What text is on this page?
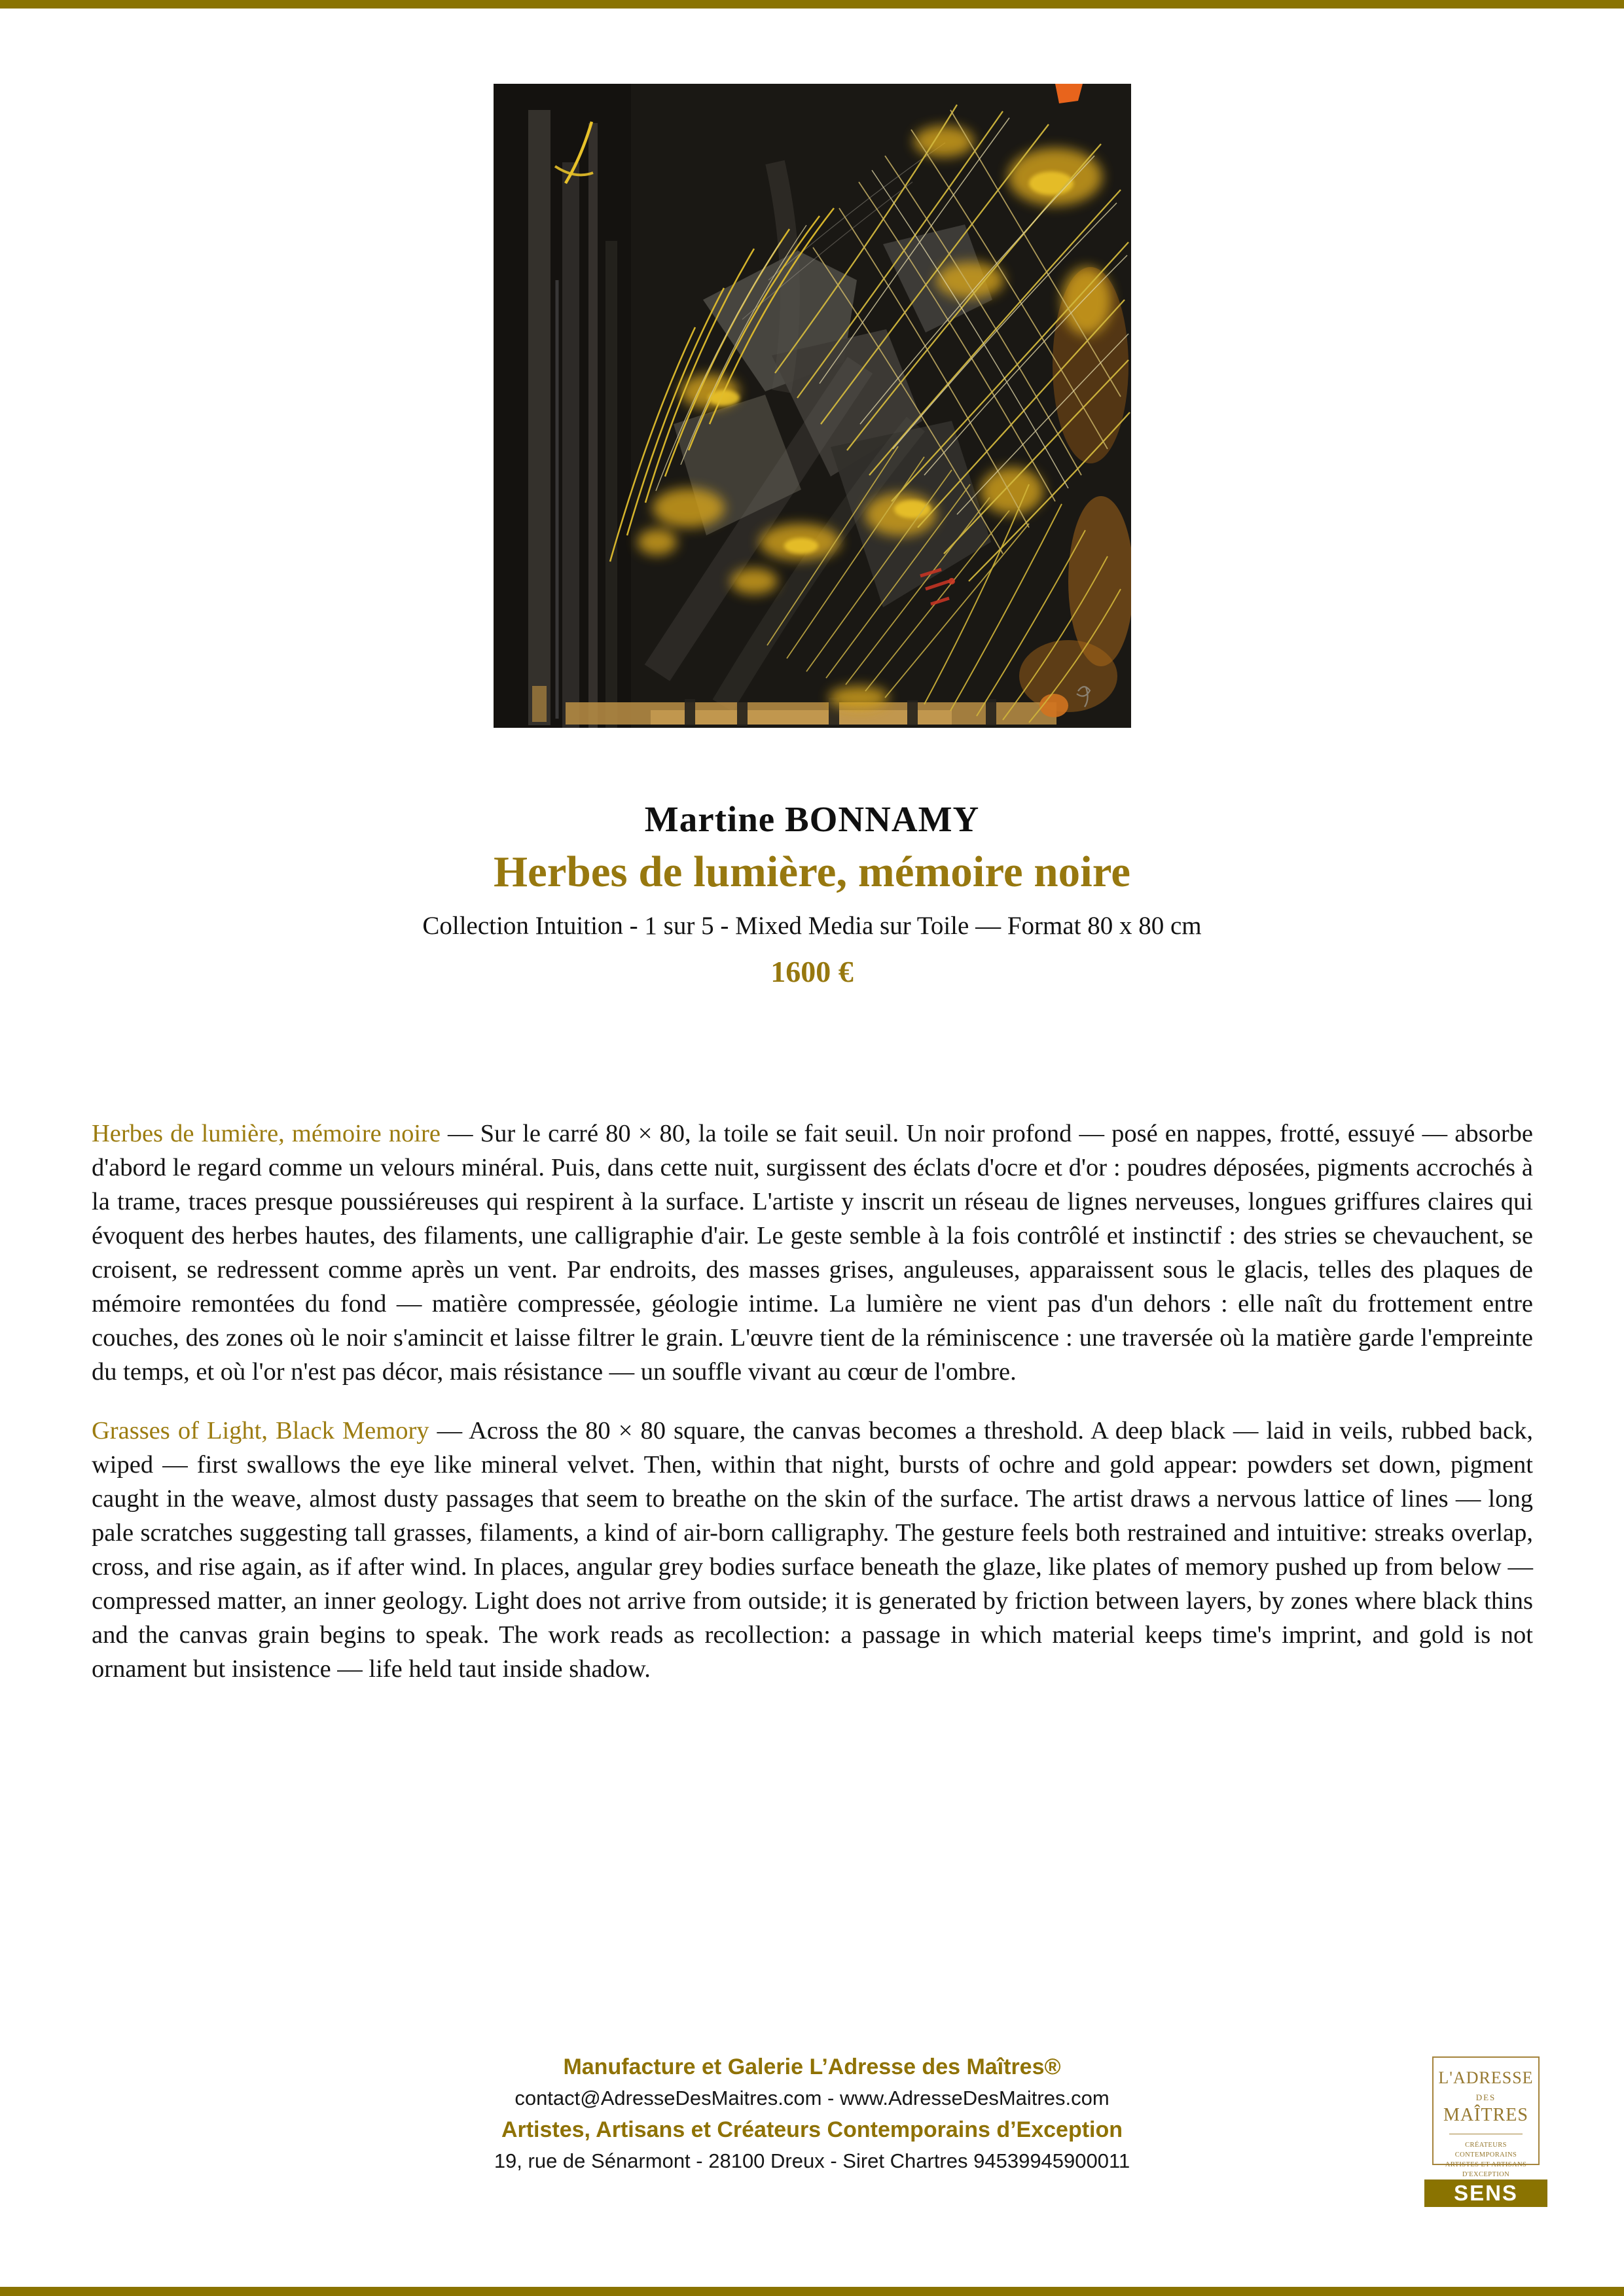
Martine BONNAMY
Herbes de lumière, mémoire noire

Collection Intuition - 1 sur 5 - Mixed Media sur Toile — Format 80 x 80 cm

1600 €

Herbes de lumière, mémoire noire — Sur le carré 80 × 80, la toile se fait seuil. Un noir profond — posé en nappes, frotté, essuyé — absorbe d'abord le regard comme un velours minéral. Puis, dans cette nuit, surgissent des éclats d'ocre et d'or : poudres déposées, pigments accrochés à la trame, traces presque poussiéreuses qui respirent à la surface. L'artiste y inscrit un réseau de lignes nerveuses, longues griffures claires qui évoquent des herbes hautes, des filaments, une calligraphie d'air. Le geste semble à la fois contrôlé et instinctif : des stries se chevauchent, se croisent, se redressent comme après un vent. Par endroits, des masses grises, anguleuses, apparaissent sous le glacis, telles des plaques de mémoire remontées du fond — matière compressée, géologie intime. La lumière ne vient pas d'un dehors : elle naît du frottement entre couches, des zones où le noir s'amincit et laisse filtrer le grain. L'œuvre tient de la réminiscence : une traversée où la matière garde l'empreinte du temps, et où l'or n'est pas décor, mais résistance — un souffle vivant au cœur de l'ombre.

Grasses of Light, Black Memory — Across the 80 × 80 square, the canvas becomes a threshold. A deep black — laid in veils, rubbed back, wiped — first swallows the eye like mineral velvet. Then, within that night, bursts of ochre and gold appear: powders set down, pigment caught in the weave, almost dusty passages that seem to breathe on the skin of the surface. The artist draws a nervous lattice of lines — long pale scratches suggesting tall grasses, filaments, a kind of air-born calligraphy. The gesture feels both restrained and intuitive: streaks overlap, cross, and rise again, as if after wind. In places, angular grey bodies surface beneath the glaze, like plates of memory pushed up from below — compressed matter, an inner geology. Light does not arrive from outside; it is generated by friction between layers, by zones where black thins and the canvas grain begins to speak. The work reads as recollection: a passage in which material keeps time's imprint, and gold is not ornament but insistence — life held taut inside shadow.

Manufacture et Galerie L’Adresse des Maîtres®

contact@AdresseDesMaitres.com - www.AdresseDesMaitres.com

Artistes, Artisans et Créateurs Contemporains d’Exception

19, rue de Sénarmont - 28100 Dreux - Siret Chartres 94539945900011

L'ADRESSE
DES
MAÎTRES
CRÉATEURS CONTEMPORAINS
ARTISTES ET ARTISANS
D'EXCEPTION
SENS
